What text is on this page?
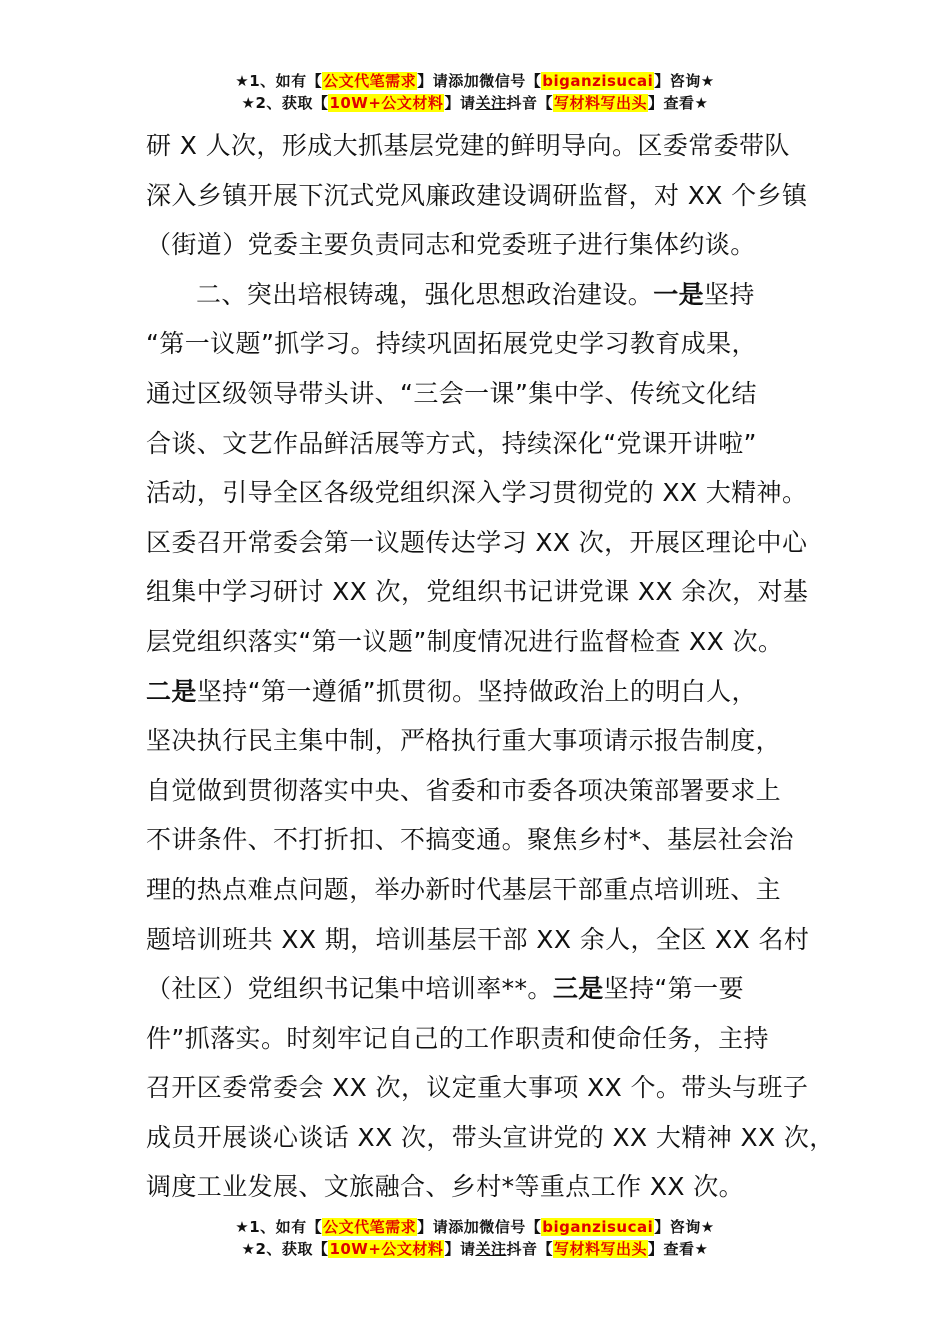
★1、如有【公文代笔需求】请添加微信号【biganzisucai】咨询★
★2、获取【10W+公文材料】请关注抖音【写材料写出头】查看★
研 X 人次，形成大抓基层党建的鲜明导向。区委常委带队
深入乡镇开展下沉式党风廉政建设调研监督，对 XX 个乡镇
（街道）党委主要负责同志和党委班子进行集体约谈。
二、突出培根铸魂，强化思想政治建设。一是坚持
“第一议题”抓学习。持续巩固拓展党史学习教育成果，
通过区级领导带头讲、“三会一课”集中学、传统文化结
合谈、文艺作品鲜活展等方式，持续深化“党课开讲啦”
活动，引导全区各级党组织深入学习贯彻党的 XX 大精神。
区委召开常委会第一议题传达学习 XX 次，开展区理论中心
组集中学习研讨 XX 次，党组织书记讲党课 XX 余次，对基
层党组织落实“第一议题”制度情况进行监督检查 XX 次。
二是坚持“第一遵循”抓贯彻。坚持做政治上的明白人，
坚决执行民主集中制，严格执行重大事项请示报告制度，
自觉做到贯彻落实中央、省委和市委各项决策部署要求上
不讲条件、不打折扣、不搞变通。聚焦乡村*、基层社会治
理的热点难点问题，举办新时代基层干部重点培训班、主
题培训班共 XX 期，培训基层干部 XX 余人，全区 XX 名村
（社区）党组织书记集中培训率**。三是坚持“第一要
件”抓落实。时刻牢记自己的工作职责和使命任务，主持
召开区委常委会 XX 次，议定重大事项 XX 个。带头与班子
成员开展谈心谈话 XX 次，带头宣讲党的 XX 大精神 XX 次，
调度工业发展、文旅融合、乡村*等重点工作 XX 次。
★1、如有【公文代笔需求】请添加微信号【biganzisucai】咨询★
★2、获取【10W+公文材料】请关注抖音【写材料写出头】查看★
